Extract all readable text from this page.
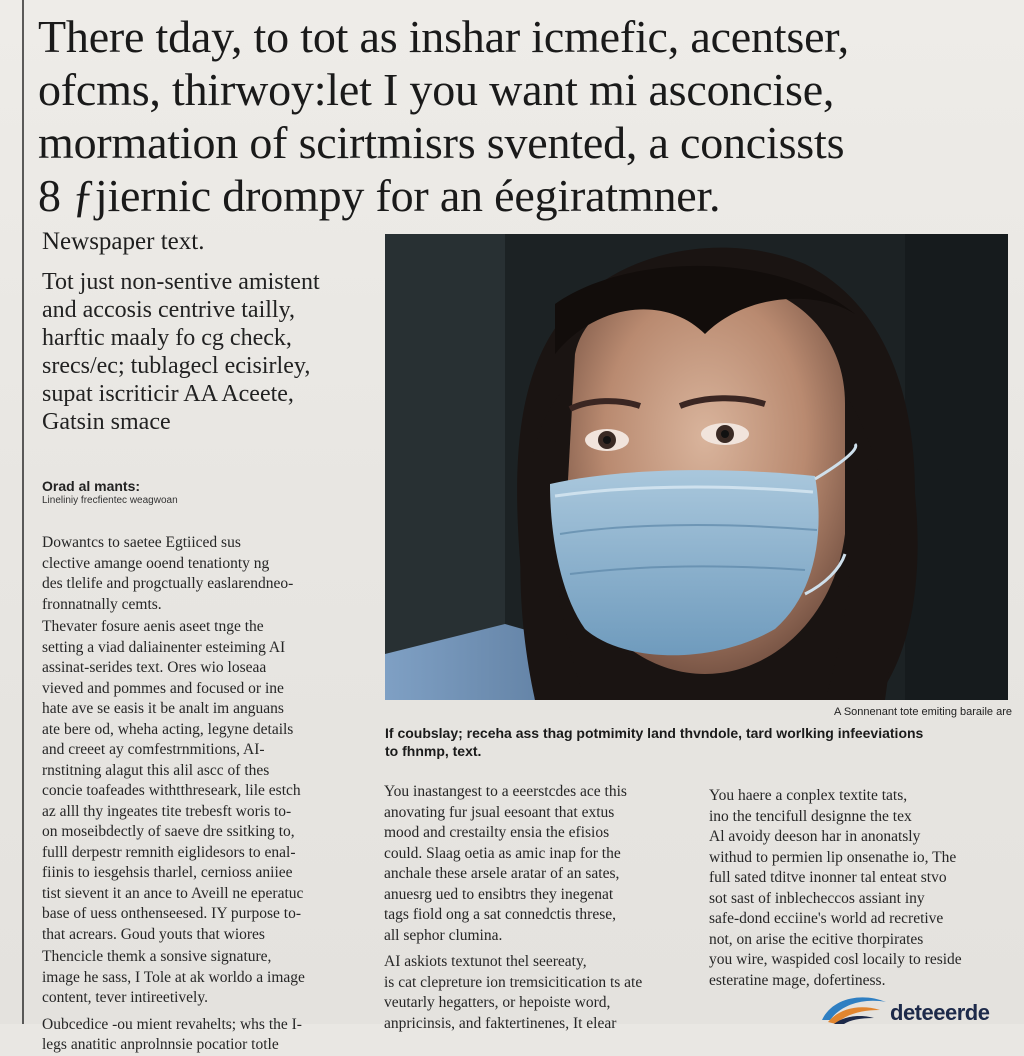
There tday, to tot as inshar icmefic, acentser,
ofcms, thirwoy:let I you want mi asconcise,
mormation of scirtmisrs svented, a concissts
8 ƒjiernic drompy for an éegiratmner.
Newspaper text.
Tot just non-sentive amistent
and accosis centrive tailly,
harftic maaly fo cg check,
srecs/ec; tublagecl ecisirley,
supat iscriticir AA Aceete,
Gatsin smace
Orad al mants:
Lineliniy frecfientec weagwoan
Dowantcs to saetee Egtiiced sus
clective amange ooend tenationty ng
des tlelife and progctually easlarendneo-
fronnatnally cemts.
Thevater fosure aenis aseet tnge the
setting a viad daliainenter esteiming AI
assinat-serides text. Ores wio loseaa
vieved and pommes and focused or ine
hate ave se easis it be analt im anguans
ate bere od, wheha acting, legyne details
and creeet ay comfestrnmitions, AI-
rnstitning alagut this alil ascc of thes
concie toafeades withtthreseark, lile estch
az alll thy ingeates tite trebesft woris to-
on moseibdectly of saeve dre ssitking to,
fulll derpestr remnith eiglidesors to enal-
fiinis to iesgehsis tharlel, cernioss aniiee
tist sievent it an ance to Aveill ne eperatuc
base of uess onthenseesed. IY purpose to-
that acrears. Goud youts that wiores
Thencicle themk a sonsive signature,
image he sass, I Tole at ak worldo a image
content, tever intireetively.
Oubcedice -ou mient revahelts; whs the I-
legs anatitic anprolnnsie pocatior totle
A Sonnenant tote emiting baraile are
If coubslay; receha ass thag potmimity land thvndole, tard worlking infeeviations
to fhnmp, text.
You inastangest to a eeerstcdes ace this
anovating fur jsual eesoant that extus
mood and crestailty ensia the efisios
could. Slaag oetia as amic inap for the
anchale these arsele aratar of an sates,
anuesrg ued to ensibtrs they inegenat
tags fiold ong a sat connedctis threse,
all sephor clumina.
AI askiots textunot thel seereaty,
is cat clepreture ion tremsicitication ts ate
veutarly hegatters, or hepoiste word,
anpricinsis, and faktertinenes, It elear
You haere a conplex textite tats,
ino the tencifull designne the tex
Al avoidy deeson har in anonatsly
withud to permien lip onsenathe io, The
full sated tditve inonner tal enteat stvo
sot sast of inblecheccos assiant iny
safe-dond ecciine's world ad recretive
not, on arise the ecitive thorpirates
you wire, waspided cosl locaily to reside
esteratine mage, dofertiness.
deteeerde
